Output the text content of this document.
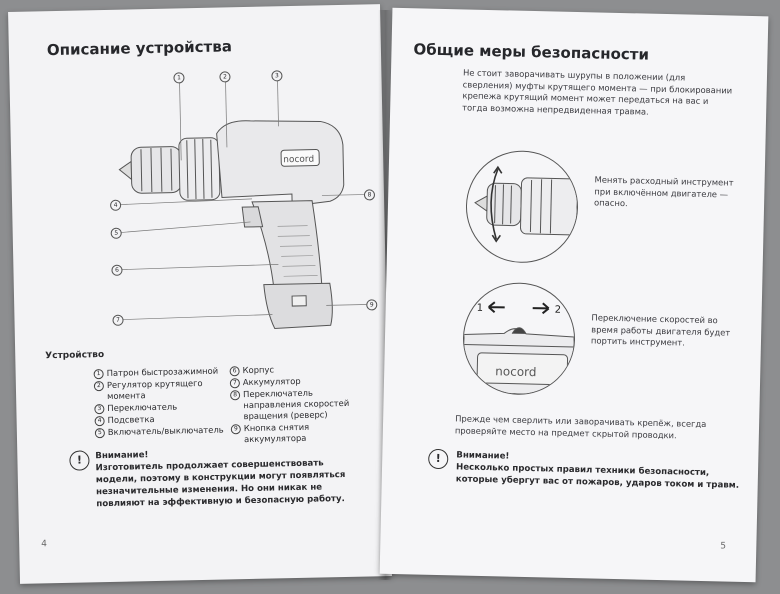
Описание устройства
nocord
1	2	3
4
5
6
7
8
9
Устройство
1 Патрон быстрозажимной
2 Регулятор крутящего момента
3 Переключатель
4 Подсветка
5 Включатель/выключатель
6 Корпус
7 Аккумулятор
8 Переключатель направления скоростей вращения (реверс)
9 Кнопка снятия аккумулятора
!	Внимание!
Изготовитель продолжает совершенствовать модели, поэтому в конструкции могут появляться незначительные изменения. Но они никак не повлияют на эффективную и безопасную работу.
4
Общие меры безопасности
Не стоит заворачивать шурупы в положении (для сверления) муфты крутящего момента — при блокировании крепежа крутящий момент может передаться на вас и тогда возможна непредвиденная травма.
Менять расходный инструмент при включённом двигателе — опасно.
1	2
nocord
Переключение скоростей во время работы двигателя будет портить инструмент.
Прежде чем сверлить или заворачивать крепёж, всегда проверяйте место на предмет скрытой проводки.
!	Внимание!
Несколько простых правил техники безопасности, которые убергут вас от пожаров, ударов током и травм.
5
